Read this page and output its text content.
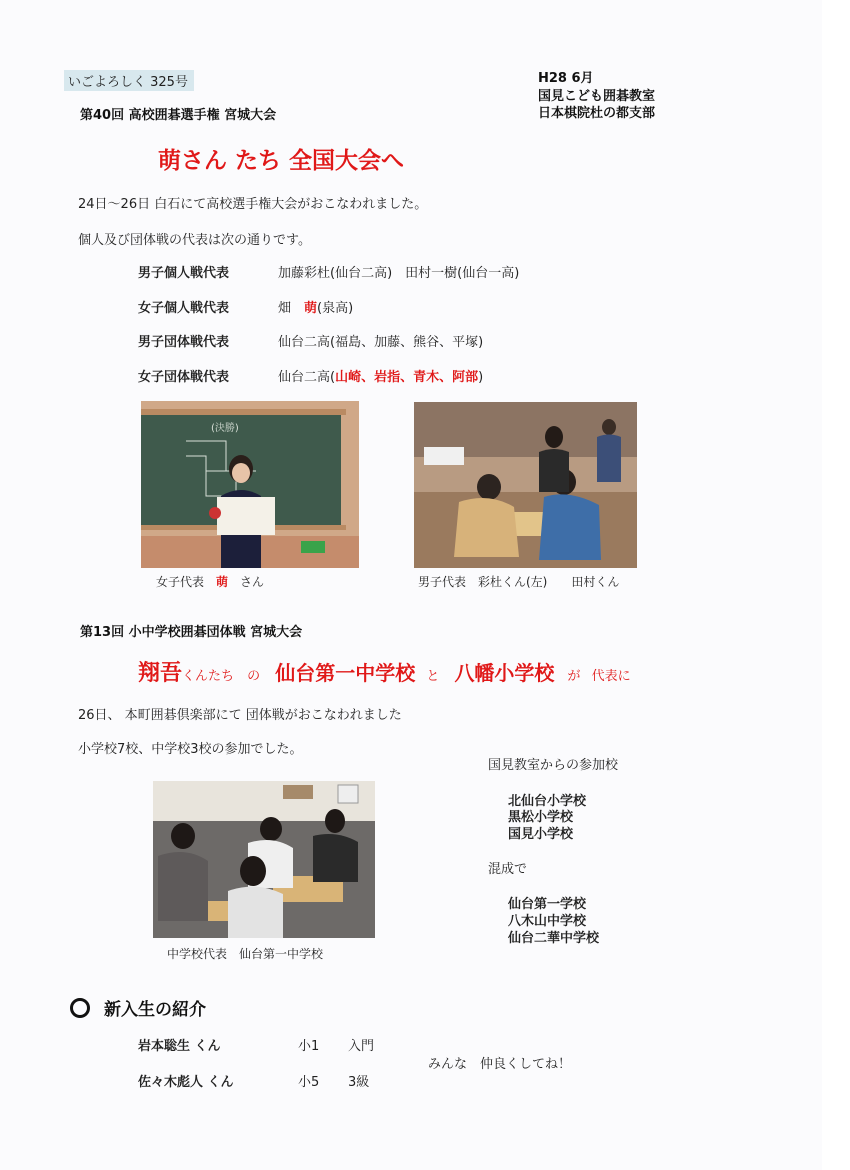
いごよろしく 325号	H28 6月
国見こども囲碁教室
日本棋院杜の都支部
第40回 高校囲碁選手権 宮城大会
萌さん たち 全国大会へ
24日～26日 白石にて高校選手権大会がおこなわれました。
個人及び団体戦の代表は次の通りです。
男子個人戦代表	加藤彩杜(仙台二高)　田村一樹(仙台一高)
女子個人戦代表	畑　萌(泉高)
男子団体戦代表	仙台二高(福島、加藤、熊谷、平塚)
女子団体戦代表	仙台二高(山崎、岩指、青木、阿部)
(決勝)
女子代表　萌　さん	男子代表　彩杜くん(左)　　田村くん
第13回 小中学校囲碁団体戦 宮城大会
翔吾くんたち の 仙台第一中学校 と 八幡小学校 が 代表に
26日、 本町囲碁倶楽部にて 団体戦がおこなわれました
小学校7校、中学校3校の参加でした。
国見教室からの参加校
北仙台小学校
黒松小学校
国見小学校
混成で
仙台第一学校
八木山中学校
仙台二華中学校
中学校代表　仙台第一中学校
新入生の紹介
岩本聡生 くん	小1 入門
佐々木彪人 くん	小5 3級
みんな　仲良くしてね！
